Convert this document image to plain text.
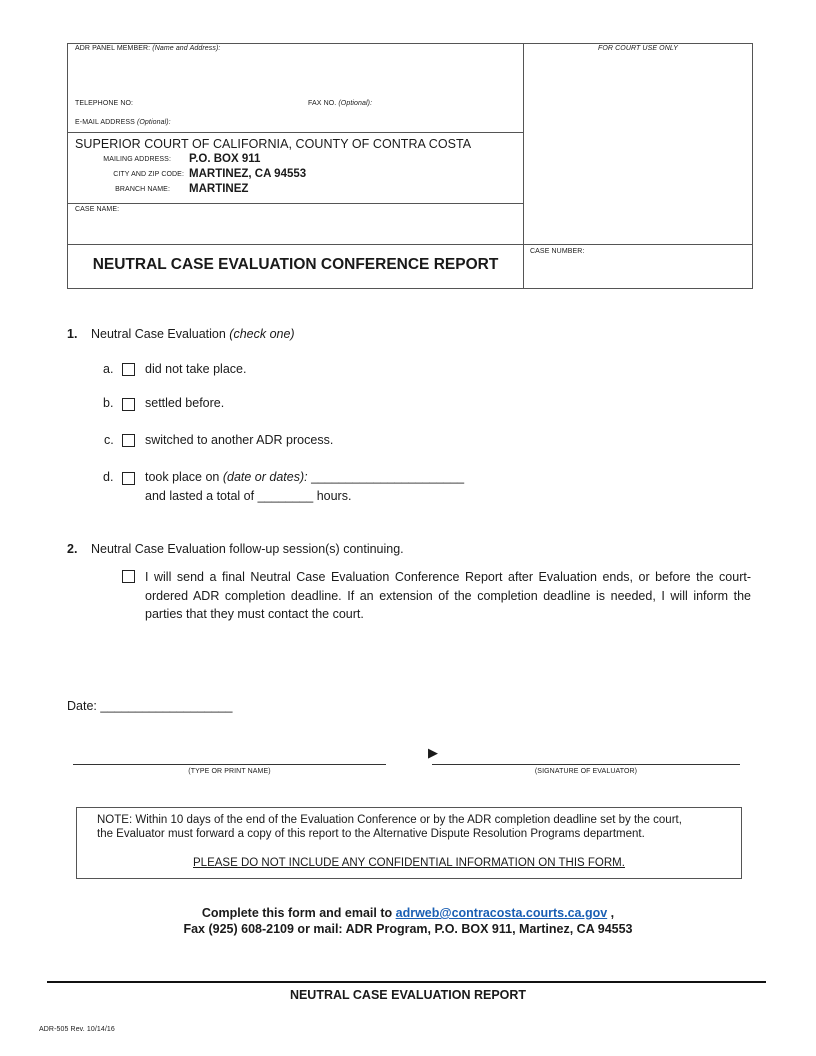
ADR PANEL MEMBER: (Name and Address):	FOR COURT USE ONLY
TELEPHONE NO:	FAX NO. (Optional):
E-MAIL ADDRESS (Optional):
SUPERIOR COURT OF CALIFORNIA, COUNTY OF CONTRA COSTA
MAILING ADDRESS: P.O. BOX 911
CITY AND ZIP CODE: MARTINEZ, CA 94553
BRANCH NAME: MARTINEZ
CASE NAME:
NEUTRAL CASE EVALUATION CONFERENCE REPORT
CASE NUMBER:
1. Neutral Case Evaluation (check one)
a.	did not take place.
b.	settled before.
c.	switched to another ADR process.
d.	took place on (date or dates): ______________________
and lasted a total of ________ hours.
2. Neutral Case Evaluation follow-up session(s) continuing.
I will send a final Neutral Case Evaluation Conference Report after Evaluation ends, or before the court-ordered ADR completion deadline. If an extension of the completion deadline is needed, I will inform the parties that they must contact the court.
Date: ___________________
(TYPE OR PRINT NAME)
▶
(SIGNATURE OF EVALUATOR)
NOTE: Within 10 days of the end of the Evaluation Conference or by the ADR completion deadline set by the court,
the Evaluator must forward a copy of this report to the Alternative Dispute Resolution Programs department.
PLEASE DO NOT INCLUDE ANY CONFIDENTIAL INFORMATION ON THIS FORM.
Complete this form and email to adrweb@contracosta.courts.ca.gov ,
Fax (925) 608-2109 or mail: ADR Program, P.O. BOX 911, Martinez, CA 94553
NEUTRAL CASE EVALUATION REPORT
ADR-505 Rev. 10/14/16
